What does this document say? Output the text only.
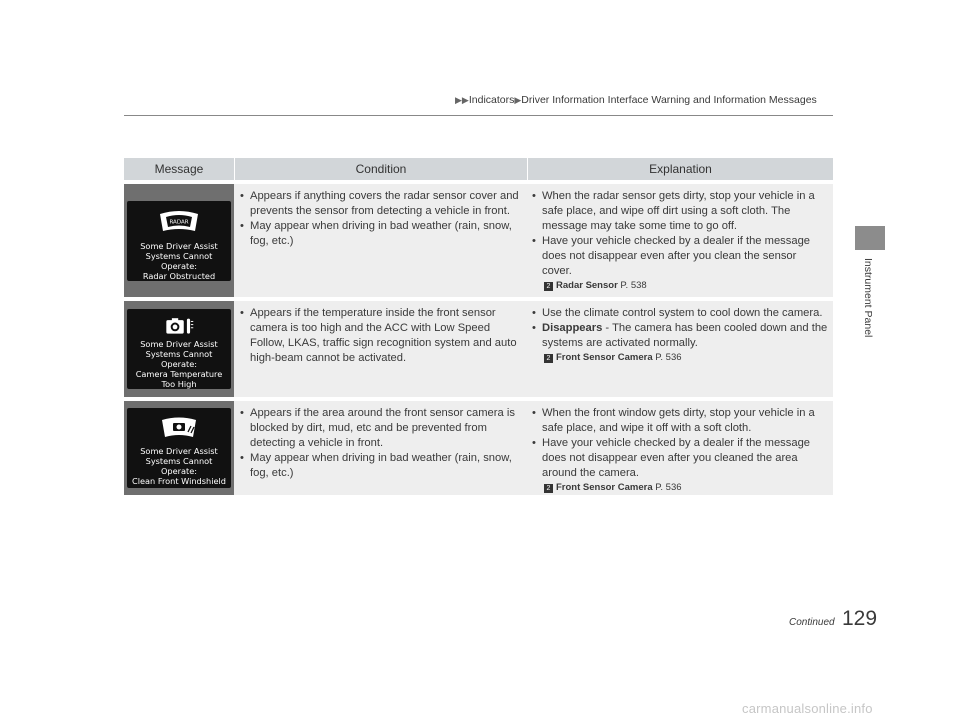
▶▶Indicators▶Driver Information Interface Warning and Information Messages
Instrument Panel
Message	Condition	Explanation
RADAR
Some Driver Assist
Systems Cannot Operate:
Radar Obstructed
• Appears if anything covers the radar sensor cover and prevents the sensor from detecting a vehicle in front.
• May appear when driving in bad weather (rain, snow, fog, etc.)
• When the radar sensor gets dirty, stop your vehicle in a safe place, and wipe off dirt using a soft cloth. The message may take some time to go off.
• Have your vehicle checked by a dealer if the message does not disappear even after you clean the sensor cover.
2 Radar Sensor P. 538
Some Driver Assist
Systems Cannot Operate:
Camera Temperature
Too High
• Appears if the temperature inside the front sensor camera is too high and the ACC with Low Speed Follow, LKAS, traffic sign recognition system and auto high-beam cannot be activated.
• Use the climate control system to cool down the camera.
• Disappears - The camera has been cooled down and the systems are activated normally.
2 Front Sensor Camera P. 536
Some Driver Assist
Systems Cannot Operate:
Clean Front Windshield
• Appears if the area around the front sensor camera is blocked by dirt, mud, etc and be prevented from detecting a vehicle in front.
• May appear when driving in bad weather (rain, snow, fog, etc.)
• When the front window gets dirty, stop your vehicle in a safe place, and wipe it off with a soft cloth.
• Have your vehicle checked by a dealer if the message does not disappear even after you cleaned the area around the camera.
2 Front Sensor Camera P. 536
Continued 129
carmanualsonline.info
